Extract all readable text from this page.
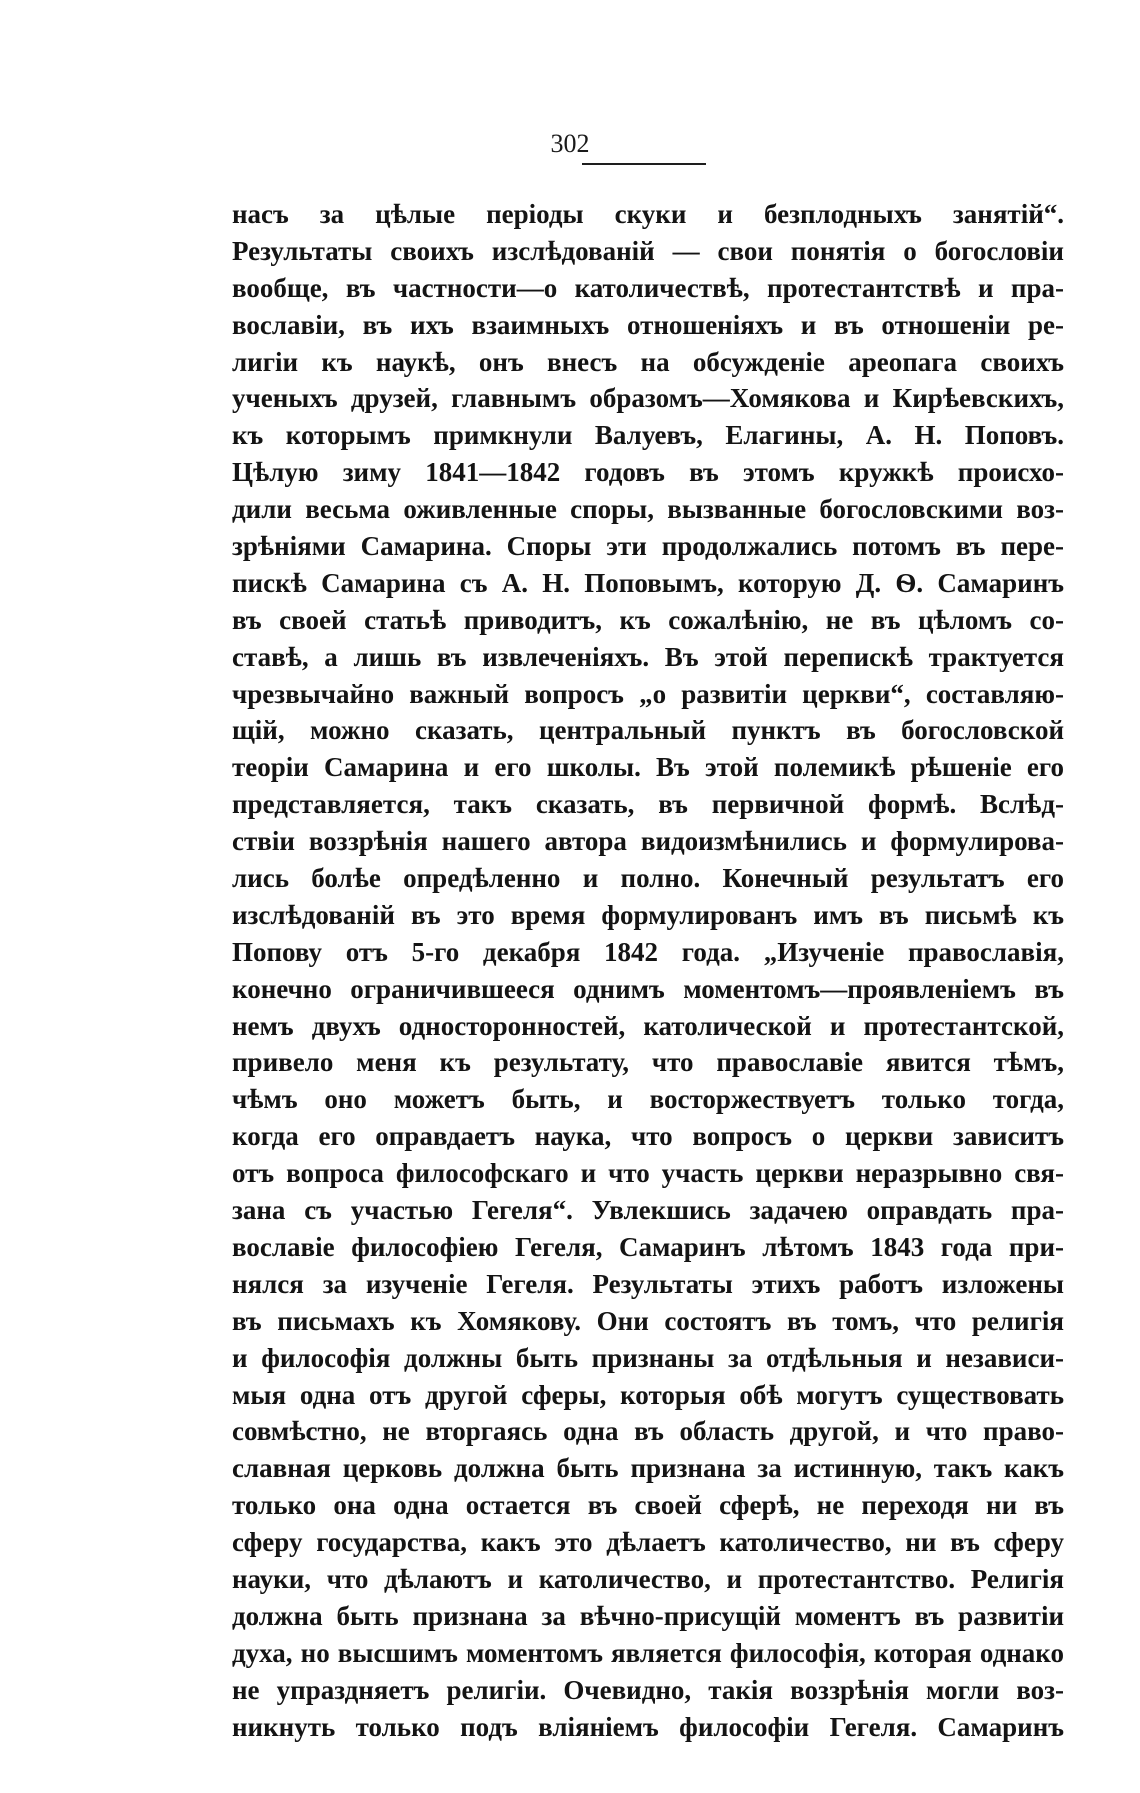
302
насъ за цѣлые періоды скуки и безплодныхъ занятій“.
Результаты своихъ изслѣдованій — свои понятія о богословіи
вообще, въ частности—о католичествѣ, протестантствѣ и пра-
вославіи, въ ихъ взаимныхъ отношеніяхъ и въ отношеніи ре-
лигіи къ наукѣ, онъ внесъ на обсужденіе ареопага своихъ
ученыхъ друзей, главнымъ образомъ—Хомякова и Кирѣевскихъ,
къ которымъ примкнули Валуевъ, Елагины, А. Н. Поповъ.
Цѣлую зиму 1841—1842 годовъ въ этомъ кружкѣ происхо-
дили весьма оживленные споры, вызванные богословскими воз-
зрѣніями Самарина. Споры эти продолжались потомъ въ пере-
пискѣ Самарина съ А. Н. Поповымъ, которую Д. Ѳ. Самаринъ
въ своей статьѣ приводитъ, къ сожалѣнію, не въ цѣломъ со-
ставѣ, а лишь въ извлеченіяхъ. Въ этой перепискѣ трактуется
чрезвычайно важный вопросъ „о развитіи церкви“, составляю-
щій, можно сказать, центральный пунктъ въ богословской
теоріи Самарина и его школы. Въ этой полемикѣ рѣшеніе его
представляется, такъ сказать, въ первичной формѣ. Вслѣд-
ствіи воззрѣнія нашего автора видоизмѣнились и формулирова-
лись болѣе опредѣленно и полно. Конечный результатъ его
изслѣдованій въ это время формулированъ имъ въ письмѣ къ
Попову отъ 5-го декабря 1842 года. „Изученіе православія,
конечно ограничившееся однимъ моментомъ—проявленіемъ въ
немъ двухъ односторонностей, католической и протестантской,
привело меня къ результату, что православіе явится тѣмъ,
чѣмъ оно можетъ быть, и восторжествуетъ только тогда,
когда его оправдаетъ наука, что вопросъ о церкви зависитъ
отъ вопроса философскаго и что участь церкви неразрывно свя-
зана съ участью Гегеля“. Увлекшись задачею оправдать пра-
вославіе философіею Гегеля, Самаринъ лѣтомъ 1843 года при-
нялся за изученіе Гегеля. Результаты этихъ работъ изложены
въ письмахъ къ Хомякову. Они состоятъ въ томъ, что религія
и философія должны быть признаны за отдѣльныя и независи-
мыя одна отъ другой сферы, которыя обѣ могутъ существовать
совмѣстно, не вторгаясь одна въ область другой, и что право-
славная церковь должна быть признана за истинную, такъ какъ
только она одна остается въ своей сферѣ, не переходя ни въ
сферу государства, какъ это дѣлаетъ католичество, ни въ сферу
науки, что дѣлаютъ и католичество, и протестантство. Религія
должна быть признана за вѣчно-присущій моментъ въ развитіи
духа, но высшимъ моментомъ является философія, которая однако
не упраздняетъ религіи. Очевидно, такія воззрѣнія могли воз-
никнуть только подъ вліяніемъ философіи Гегеля. Самаринъ
